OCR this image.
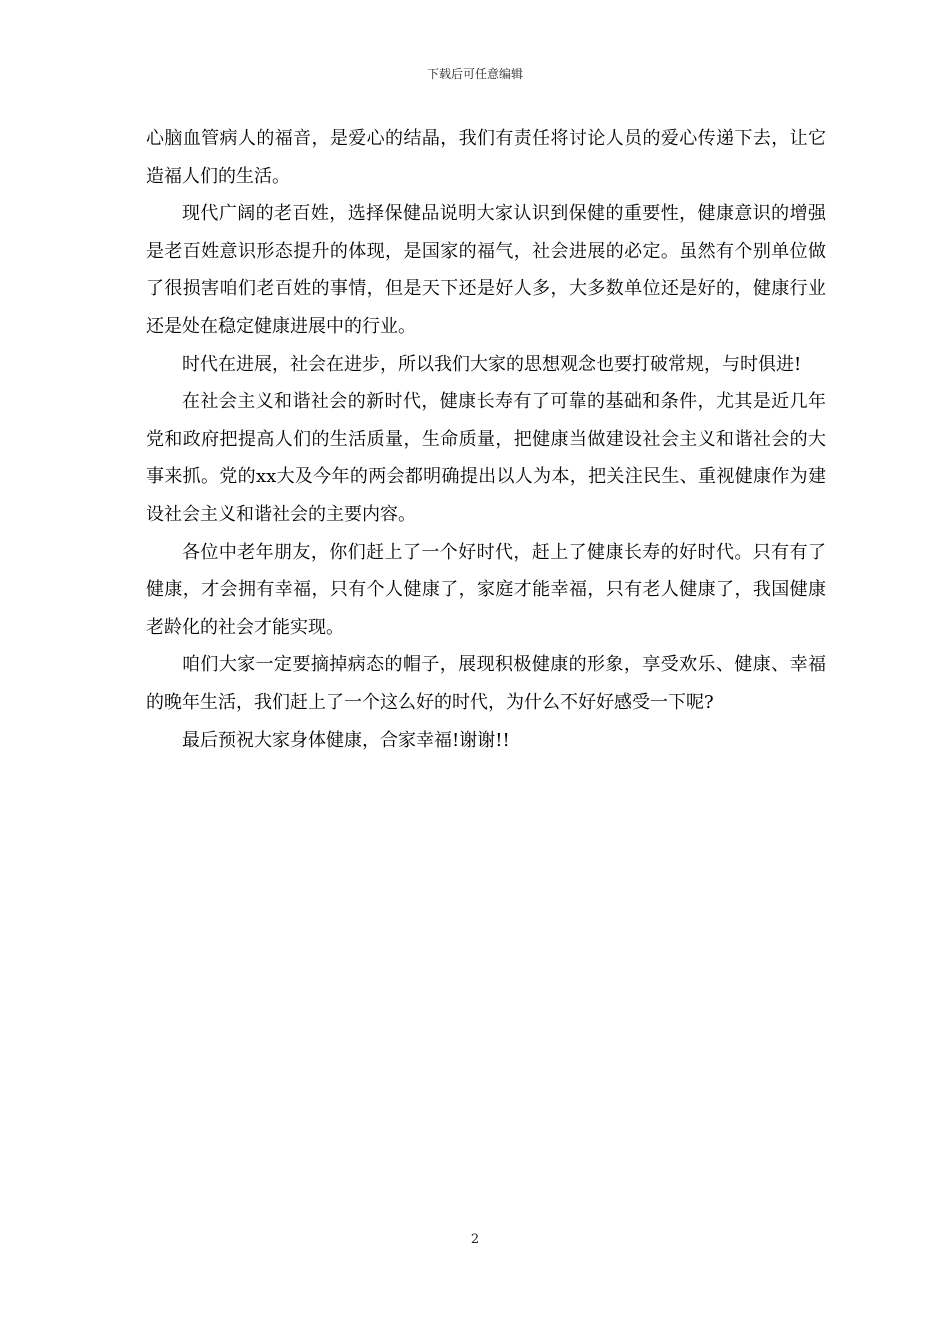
下载后可任意编辑

心脑血管病人的福音，是爱心的结晶，我们有责任将讨论人员的爱心传递下去，让它造福人们的生活。

现代广阔的老百姓，选择保健品说明大家认识到保健的重要性，健康意识的增强是老百姓意识形态提升的体现，是国家的福气，社会进展的必定。虽然有个别单位做了很损害咱们老百姓的事情，但是天下还是好人多，大多数单位还是好的，健康行业还是处在稳定健康进展中的行业。

时代在进展，社会在进步，所以我们大家的思想观念也要打破常规，与时俱进!

在社会主义和谐社会的新时代，健康长寿有了可靠的基础和条件，尤其是近几年党和政府把提高人们的生活质量，生命质量，把健康当做建设社会主义和谐社会的大事来抓。党的xx大及今年的两会都明确提出以人为本，把关注民生、重视健康作为建设社会主义和谐社会的主要内容。

各位中老年朋友，你们赶上了一个好时代，赶上了健康长寿的好时代。只有有了健康，才会拥有幸福，只有个人健康了，家庭才能幸福，只有老人健康了，我国健康老龄化的社会才能实现。

咱们大家一定要摘掉病态的帽子，展现积极健康的形象，享受欢乐、健康、幸福的晚年生活，我们赶上了一个这么好的时代，为什么不好好感受一下呢?

最后预祝大家身体健康，合家幸福!谢谢!!

2
